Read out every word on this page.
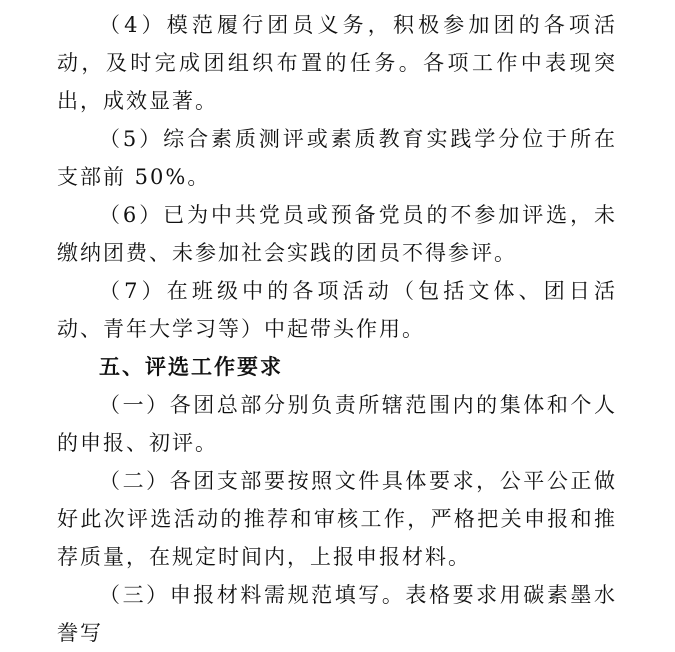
（4）模范履行团员义务，积极参加团的各项活动，及时完成团组织布置的任务。各项工作中表现突出，成效显著。

（5）综合素质测评或素质教育实践学分位于所在支部前 50%。

（6）已为中共党员或预备党员的不参加评选，未缴纳团费、未参加社会实践的团员不得参评。

（7）在班级中的各项活动（包括文体、团日活动、青年大学习等）中起带头作用。

五、评选工作要求

（一）各团总部分别负责所辖范围内的集体和个人的申报、初评。

（二）各团支部要按照文件具体要求，公平公正做好此次评选活动的推荐和审核工作，严格把关申报和推荐质量，在规定时间内，上报申报材料。

（三）申报材料需规范填写。表格要求用碳素墨水誊写
